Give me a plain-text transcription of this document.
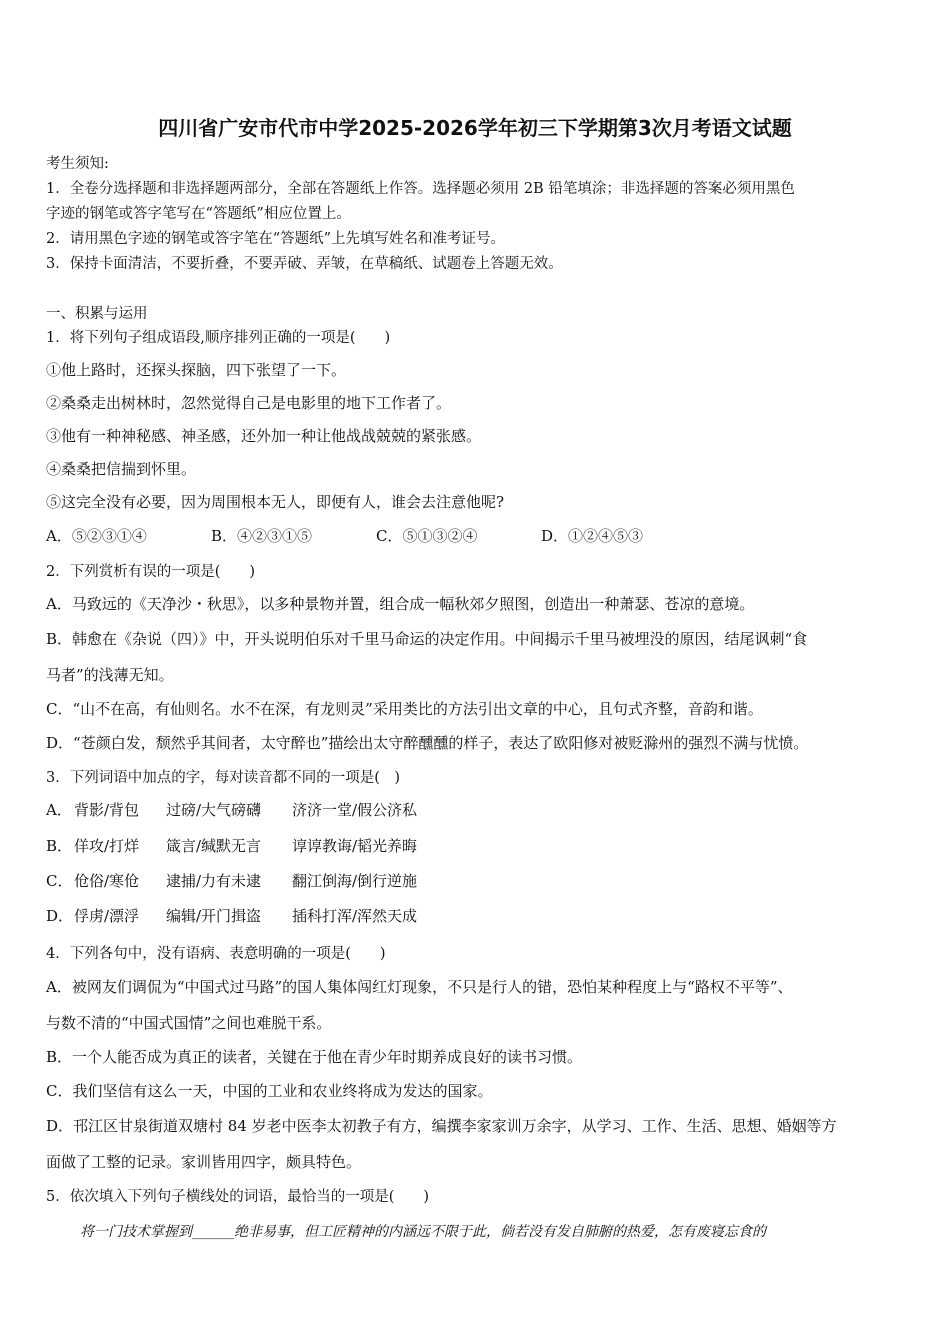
四川省广安市代市中学2025-2026学年初三下学期第3次月考语文试题
考生须知:
1．全卷分选择题和非选择题两部分，全部在答题纸上作答。选择题必须用 2B 铅笔填涂；非选择题的答案必须用黑色
字迹的钢笔或答字笔写在“答题纸”相应位置上。
2．请用黑色字迹的钢笔或答字笔在“答题纸”上先填写姓名和准考证号。
3．保持卡面清洁，不要折叠，不要弄破、弄皱，在草稿纸、试题卷上答题无效。
一、积累与运用
1．将下列句子组成语段,顺序排列正确的一项是(　　)
①他上路时，还探头探脑，四下张望了一下。
②桑桑走出树林时，忽然觉得自己是电影里的地下工作者了。
③他有一种神秘感、神圣感，还外加一种让他战战兢兢的紧张感。
④桑桑把信揣到怀里。
⑤这完全没有必要，因为周围根本无人，即便有人，谁会去注意他呢?
A．⑤②③①④	B．④②③①⑤	C．⑤①③②④	D．①②④⑤③
2．下列赏析有误的一项是(　　)
A．马致远的《天净沙・秋思》，以多种景物并置，组合成一幅秋郊夕照图，创造出一种萧瑟、苍凉的意境。
B．韩愈在《杂说（四）》中，开头说明伯乐对千里马命运的决定作用。中间揭示千里马被埋没的原因，结尾讽刺“食
马者”的浅薄无知。
C．“山不在高，有仙则名。水不在深，有龙则灵”采用类比的方法引出文章的中心，且句式齐整，音韵和谐。
D．“苍颜白发，颓然乎其间者，太守醉也”描绘出太守醉醺醺的样子，表达了欧阳修对被贬滁州的强烈不满与忧愤。
3．下列词语中加点的字，每对读音都不同的一项是(　)
A． 背影/背包 过磅/大气磅礴 济济一堂/假公济私
B． 佯攻/打烊 箴言/缄默无言 谆谆教诲/韬光养晦
C． 伧俗/寒伧 逮捕/力有未逮 翻江倒海/倒行逆施
D．俘虏/漂浮 编辑/开门揖盗 插科打浑/浑然天成
4．下列各句中，没有语病、表意明确的一项是(　　)
A．被网友们调侃为“中国式过马路”的国人集体闯红灯现象，不只是行人的错，恐怕某种程度上与“路权不平等”、
与数不清的“中国式国情”之间也难脱干系。
B．一个人能否成为真正的读者，关键在于他在青少年时期养成良好的读书习惯。
C．我们坚信有这么一天，中国的工业和农业终将成为发达的国家。
D．邗江区甘泉街道双塘村 84 岁老中医李太初教子有方，编撰李家家训万余字，从学习、工作、生活、思想、婚姻等方
面做了工整的记录。家训皆用四字，颇具特色。
5．依次填入下列句子横线处的词语，最恰当的一项是(　　)
将一门技术掌握到______绝非易事，但工匠精神的内涵远不限于此，倘若没有发自肺腑的热爱，怎有废寝忘食的
